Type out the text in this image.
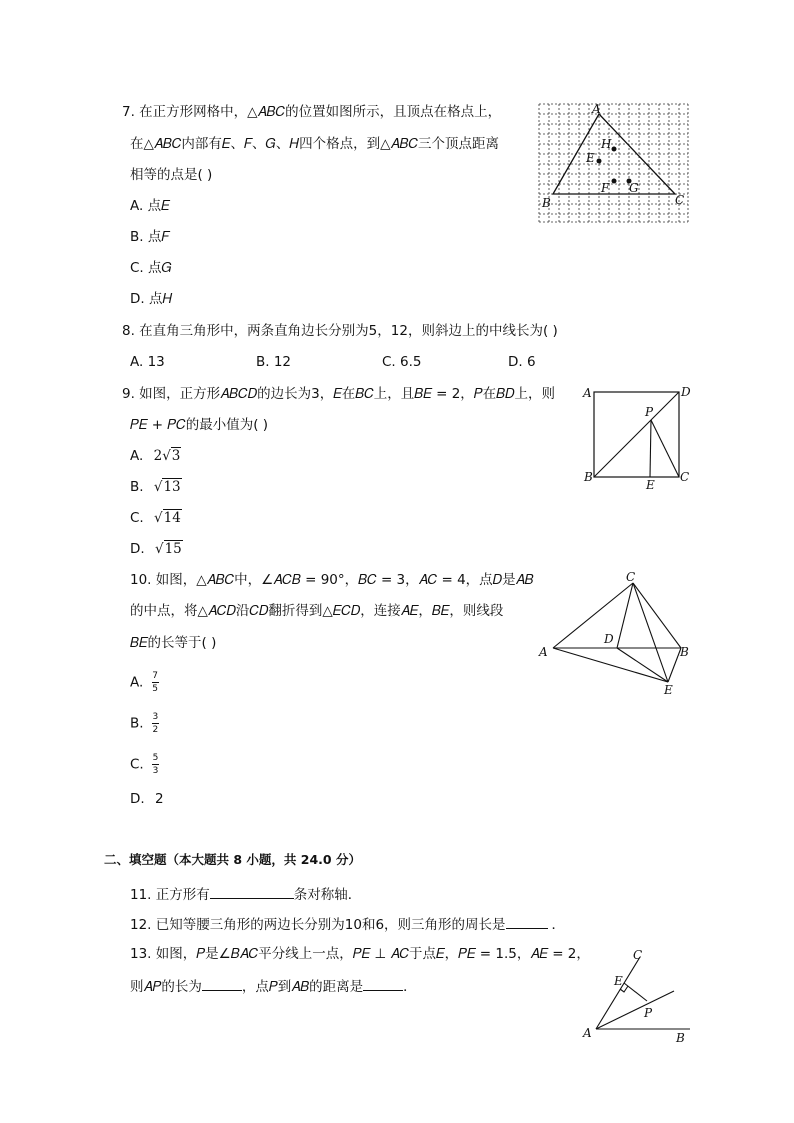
7. 在正方形网格中，△𝐴𝐵𝐶的位置如图所示，且顶点在格点上，
在△𝐴𝐵𝐶内部有𝐸、𝐹、𝐺、𝐻四个格点，到△𝐴𝐵𝐶三个顶点距离
相等的点是( )
A. 点𝐸
B. 点𝐹
C. 点𝐺
D. 点𝐻
A
H
E
F G
B	C
8. 在直角三角形中，两条直角边长分别为5，12，则斜边上的中线长为( )
A. 13	B. 12	C. 6.5	D. 6
9. 如图，正方形𝐴𝐵𝐶𝐷的边长为3，𝐸在𝐵𝐶上，且𝐵𝐸 = 2，𝑃在𝐵𝐷上，则
𝑃𝐸 + 𝑃𝐶的最小值为( )
A. 2√3
B. √13
C. √14
D. √15
A	D
P
B
E
C
10. 如图，△𝐴𝐵𝐶中，∠𝐴𝐶𝐵 = 90°，𝐵𝐶 = 3，𝐴𝐶 = 4，点𝐷是𝐴𝐵
的中点，将△𝐴𝐶𝐷沿𝐶𝐷翻折得到△𝐸𝐶𝐷，连接𝐴𝐸，𝐵𝐸，则线段
𝐵𝐸的长等于( )
A. $\frac{7}{5}$
B. $\frac{3}{2}$
C. $\frac{5}{3}$
D. 2
C
D
A	B
E
二、填空题（本大题共 8 小题，共 24.0 分）
11. 正方形有	条对称轴．
12. 已知等腰三角形的两边长分别为10和6，则三角形的周长是	．
13. 如图，𝑃是∠𝐵𝐴𝐶平分线上一点，𝑃𝐸 ⊥ 𝐴𝐶于点𝐸，𝑃𝐸 = 1.5，𝐴𝐸 = 2，
则𝐴𝑃的长为	，点𝑃到𝐴𝐵的距离是	．
C
E
P
A	B
